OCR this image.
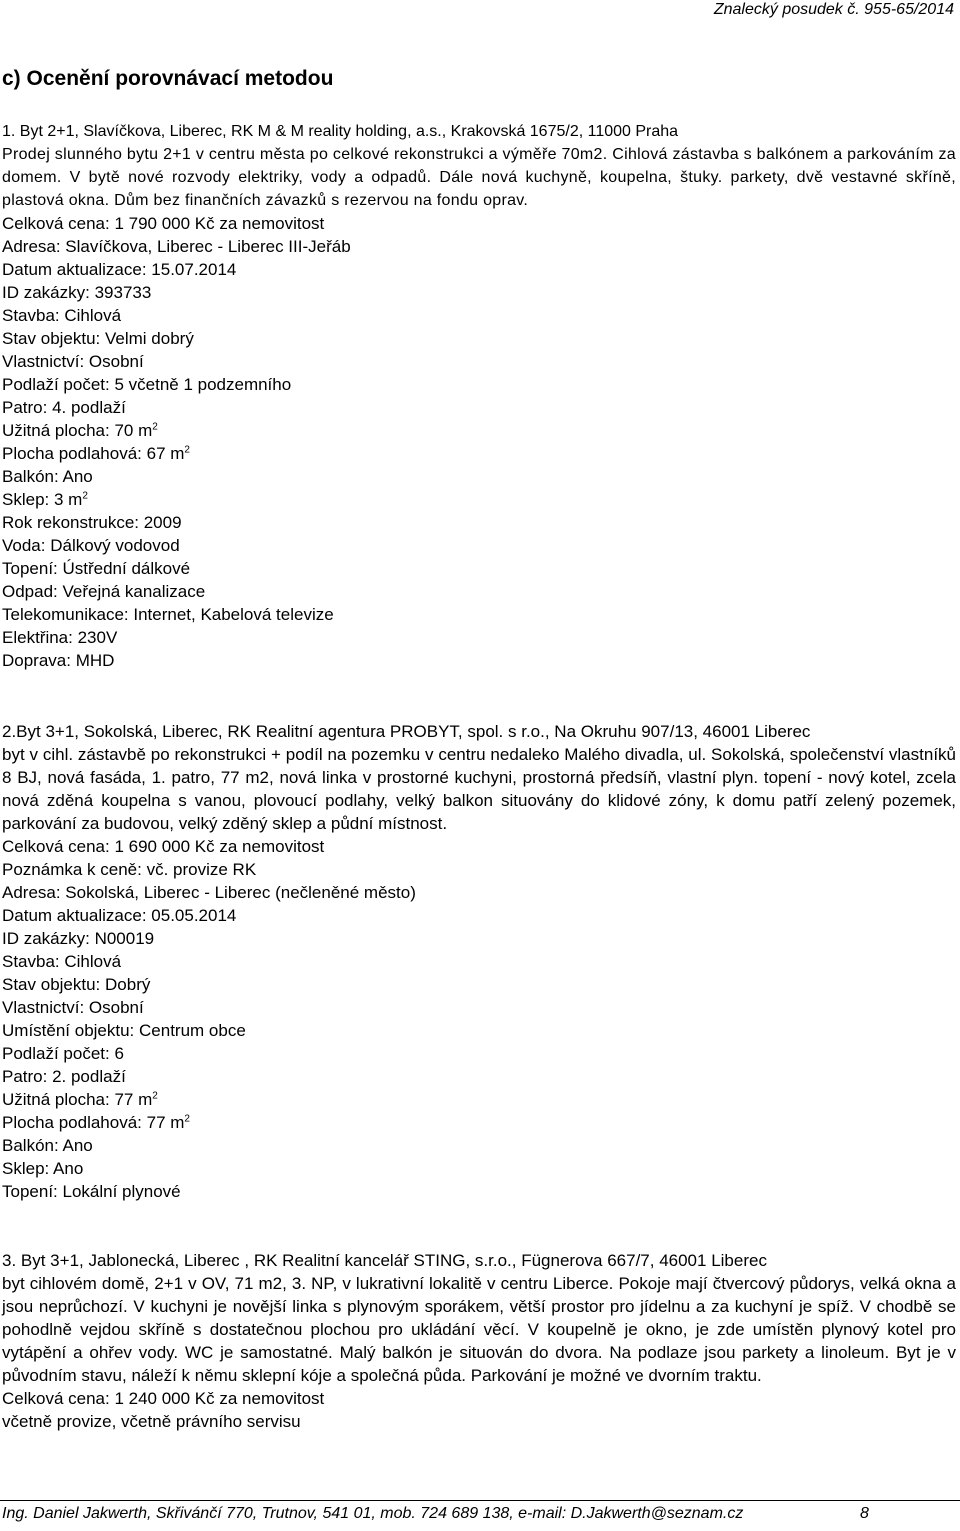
Znalecký posudek č. 955-65/2014
c) Ocenění porovnávací metodou

1. Byt 2+1, Slavíčkova, Liberec, RK M & M reality holding, a.s., Krakovská 1675/2, 11000 Praha

Prodej slunného bytu 2+1 v centru města po celkové rekonstrukci a výměře 70m2. Cihlová zástavba s balkónem a parkováním za domem. V bytě nové rozvody elektriky, vody a odpadů. Dále nová kuchyně, koupelna, štuky. parkety, dvě vestavné skříně, plastová okna. Dům bez finančních závazků s rezervou na fondu oprav.

Celková cena: 1 790 000 Kč za nemovitost
Adresa: Slavíčkova, Liberec - Liberec III-Jeřáb
Datum aktualizace: 15.07.2014
ID zakázky: 393733
Stavba: Cihlová
Stav objektu: Velmi dobrý
Vlastnictví: Osobní
Podlaží počet: 5 včetně 1 podzemního
Patro: 4. podlaží
Užitná plocha: 70 $m^2$
Plocha podlahová: 67 $m^2$
Balkón: Ano
Sklep: 3 $m^2$
Rok rekonstrukce: 2009
Voda: Dálkový vodovod
Topení: Ústřední dálkové
Odpad: Veřejná kanalizace
Telekomunikace: Internet, Kabelová televize
Elektřina: 230V
Doprava: MHD

2.Byt 3+1, Sokolská, Liberec, RK Realitní agentura PROBYT, spol. s r.o., Na Okruhu 907/13, 46001 Liberec

byt v cihl. zástavbě po rekonstrukci + podíl na pozemku v centru nedaleko Malého divadla, ul. Sokolská, společenství vlastníků 8 BJ, nová fasáda, 1. patro, 77 m2, nová linka v prostorné kuchyni, prostorná předsíň, vlastní plyn. topení - nový kotel, zcela nová zděná koupelna s vanou, plovoucí podlahy, velký balkon situovány do klidové zóny, k domu patří zelený pozemek, parkování za budovou, velký zděný sklep a půdní místnost.

Celková cena: 1 690 000 Kč za nemovitost
Poznámka k ceně: vč. provize RK
Adresa: Sokolská, Liberec - Liberec (nečleněné město)
Datum aktualizace: 05.05.2014
ID zakázky: N00019
Stavba: Cihlová
Stav objektu: Dobrý
Vlastnictví: Osobní
Umístění objektu: Centrum obce
Podlaží počet: 6
Patro: 2. podlaží
Užitná plocha: 77 $m^2$
Plocha podlahová: 77 $m^2$
Balkón: Ano
Sklep: Ano
Topení: Lokální plynové

3. Byt 3+1, Jablonecká, Liberec , RK Realitní kancelář STING, s.r.o., Fügnerova 667/7, 46001 Liberec

byt cihlovém domě, 2+1 v OV, 71 m2, 3. NP, v lukrativní lokalitě v centru Liberce. Pokoje mají čtvercový půdorys, velká okna a jsou neprůchozí. V kuchyni je novější linka s plynovým sporákem, větší prostor pro jídelnu a za kuchyní je spíž. V chodbě se pohodlně vejdou skříně s dostatečnou plochou pro ukládání věcí. V koupelně je okno, je zde umístěn plynový kotel pro vytápění a ohřev vody. WC je samostatné. Malý balkón je situován do dvora. Na podlaze jsou parkety a linoleum. Byt je v původním stavu, náleží k němu sklepní kóje a společná půda. Parkování je možné ve dvorním traktu.

Celková cena: 1 240 000 Kč za nemovitost
včetně provize, včetně právního servisu
Ing. Daniel Jakwerth, Skřivánčí 770, Trutnov, 541 01, mob. 724 689 138, e-mail: D.Jakwerth@seznam.cz	8
